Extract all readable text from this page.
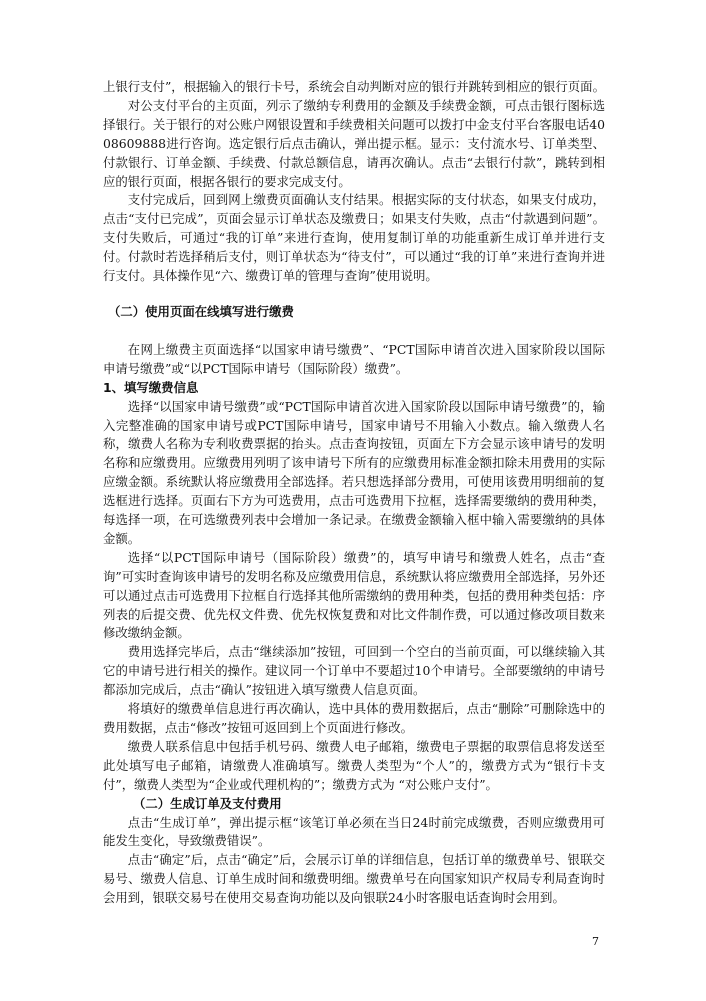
上银行支付”，根据输入的银行卡号，系统会自动判断对应的银行并跳转到相应的银行页面。

对公支付平台的主页面，列示了缴纳专利费用的金额及手续费金额，可点击银行图标选择银行。关于银行的对公账户网银设置和手续费相关问题可以拨打中金支付平台客服电话4008609888进行咨询。选定银行后点击确认，弹出提示框。显示：支付流水号、订单类型、付款银行、订单金额、手续费、付款总额信息，请再次确认。点击“去银行付款”，跳转到相应的银行页面，根据各银行的要求完成支付。

支付完成后，回到网上缴费页面确认支付结果。根据实际的支付状态，如果支付成功，点击“支付已完成”，页面会显示订单状态及缴费日；如果支付失败，点击“付款遇到问题”。支付失败后，可通过“我的订单”来进行查询，使用复制订单的功能重新生成订单并进行支付。付款时若选择稍后支付，则订单状态为“待支付”，可以通过“我的订单”来进行查询并进行支付。具体操作见“六、缴费订单的管理与查询”使用说明。

（二）使用页面在线填写进行缴费

在网上缴费主页面选择“以国家申请号缴费”、“PCT国际申请首次进入国家阶段以国际申请号缴费”或“以PCT国际申请号（国际阶段）缴费”。

1、填写缴费信息

选择“以国家申请号缴费”或“PCT国际申请首次进入国家阶段以国际申请号缴费”的，输入完整准确的国家申请号或PCT国际申请号，国家申请号不用输入小数点。输入缴费人名称，缴费人名称为专利收费票据的抬头。点击查询按钮，页面左下方会显示该申请号的发明名称和应缴费用。应缴费用列明了该申请号下所有的应缴费用标准金额扣除未用费用的实际应缴金额。系统默认将应缴费用全部选择。若只想选择部分费用，可使用该费用明细前的复选框进行选择。页面右下方为可选费用，点击可选费用下拉框，选择需要缴纳的费用种类，每选择一项，在可选缴费列表中会增加一条记录。在缴费金额输入框中输入需要缴纳的具体金额。

选择“以PCT国际申请号（国际阶段）缴费”的，填写申请号和缴费人姓名，点击“查询”可实时查询该申请号的发明名称及应缴费用信息，系统默认将应缴费用全部选择，另外还可以通过点击可选费用下拉框自行选择其他所需缴纳的费用种类，包括的费用种类包括：序列表的后提交费、优先权文件费、优先权恢复费和对比文件制作费，可以通过修改项目数来修改缴纳金额。

费用选择完毕后，点击“继续添加”按钮，可回到一个空白的当前页面，可以继续输入其它的申请号进行相关的操作。建议同一个订单中不要超过10个申请号。全部要缴纳的申请号都添加完成后，点击“确认”按钮进入填写缴费人信息页面。

将填好的缴费单信息进行再次确认，选中具体的费用数据后，点击“删除”可删除选中的费用数据，点击“修改”按钮可返回到上个页面进行修改。

缴费人联系信息中包括手机号码、缴费人电子邮箱，缴费电子票据的取票信息将发送至此处填写电子邮箱，请缴费人准确填写。缴费人类型为“个人”的，缴费方式为“银行卡支付”，缴费人类型为“企业或代理机构的”；缴费方式为 “对公账户支付”。

（二）生成订单及支付费用

点击“生成订单”，弹出提示框“该笔订单必须在当日24时前完成缴费，否则应缴费用可能发生变化，导致缴费错误”。

点击“确定”后，点击“确定”后，会展示订单的详细信息，包括订单的缴费单号、银联交易号、缴费人信息、订单生成时间和缴费明细。缴费单号在向国家知识产权局专利局查询时会用到，银联交易号在使用交易查询功能以及向银联24小时客服电话查询时会用到。

7
